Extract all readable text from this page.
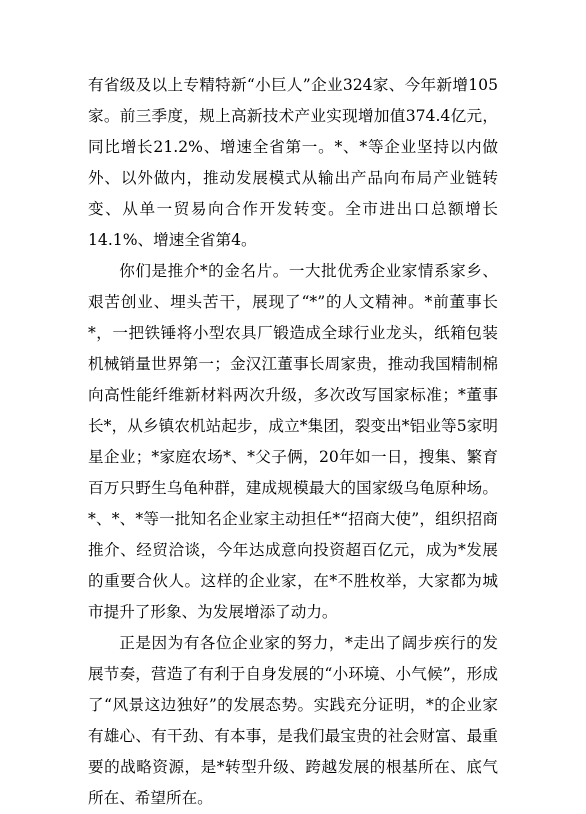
有省级及以上专精特新“小巨人”企业324家、今年新增105家。前三季度，规上高新技术产业实现增加值374.4亿元，同比增长21.2%、增速全省第一。*、*等企业坚持以内做外、以外做内，推动发展模式从输出产品向布局产业链转变、从单一贸易向合作开发转变。全市进出口总额增长14.1%、增速全省第4。

你们是推介*的金名片。一大批优秀企业家情系家乡、艰苦创业、埋头苦干，展现了“*”的人文精神。*前董事长*，一把铁锤将小型农具厂锻造成全球行业龙头，纸箱包装机械销量世界第一；金汉江董事长周家贵，推动我国精制棉向高性能纤维新材料两次升级，多次改写国家标准；*董事长*，从乡镇农机站起步，成立*集团，裂变出*铝业等5家明星企业；*家庭农场*、*父子俩，20年如一日，搜集、繁育百万只野生乌龟种群，建成规模最大的国家级乌龟原种场。*、*、*等一批知名企业家主动担任*“招商大使”，组织招商推介、经贸洽谈，今年达成意向投资超百亿元，成为*发展的重要合伙人。这样的企业家，在*不胜枚举，大家都为城市提升了形象、为发展增添了动力。

正是因为有各位企业家的努力，*走出了阔步疾行的发展节奏，营造了有利于自身发展的“小环境、小气候”，形成了“风景这边独好”的发展态势。实践充分证明，*的企业家有雄心、有干劲、有本事，是我们最宝贵的社会财富、最重要的战略资源，是*转型升级、跨越发展的根基所在、底气所在、希望所在。
